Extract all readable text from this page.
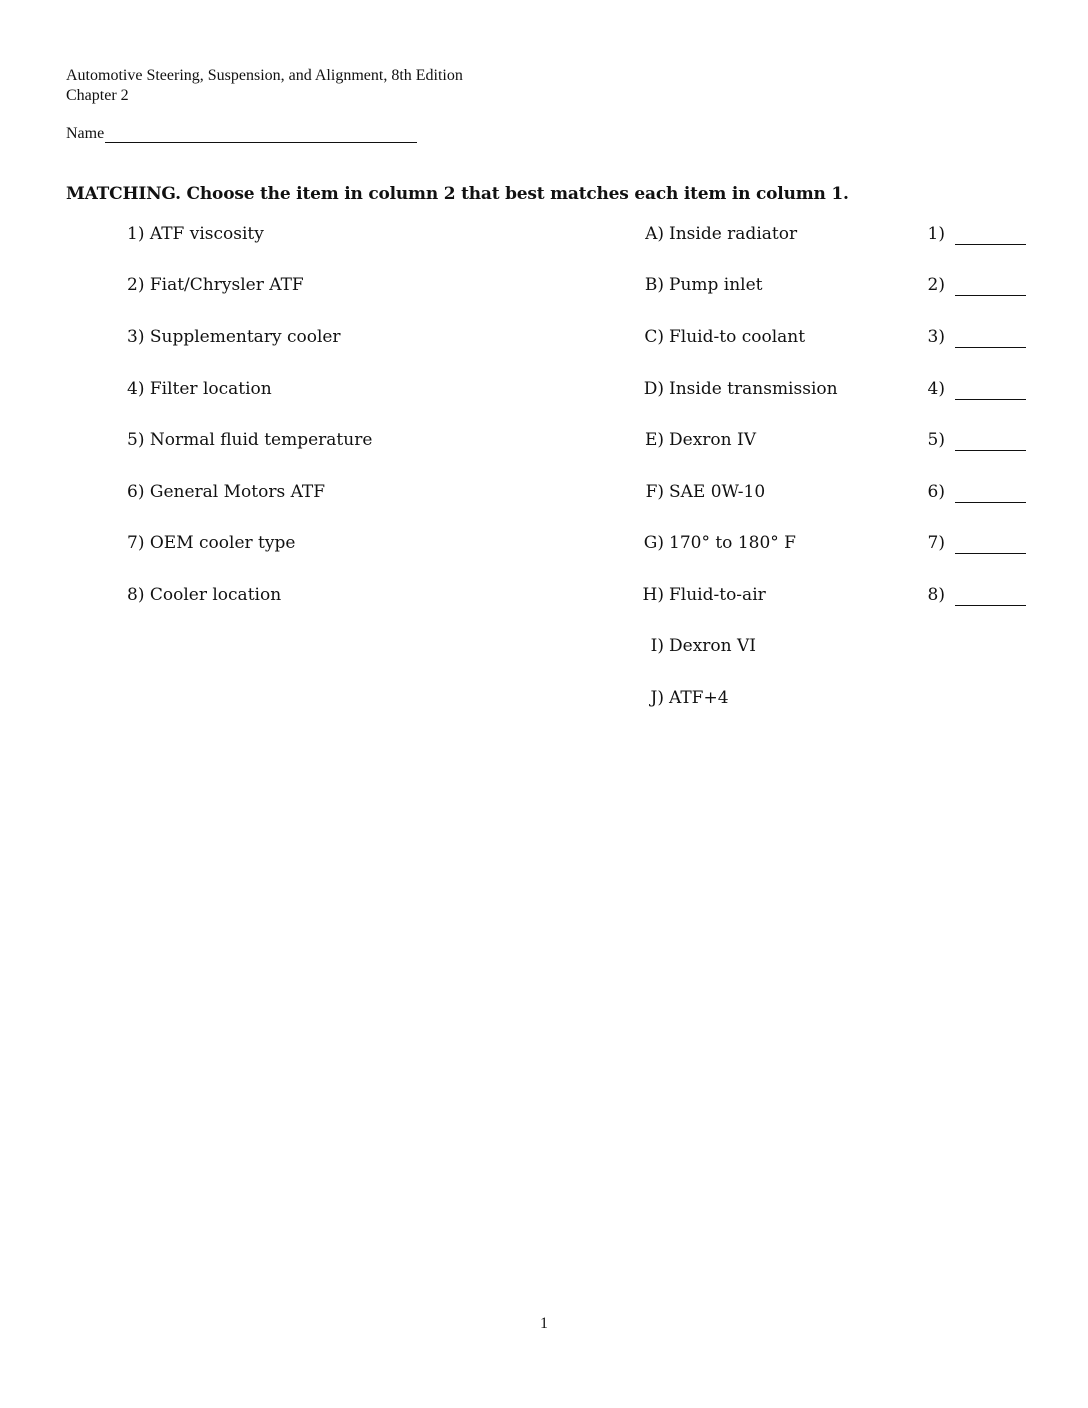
Automotive Steering, Suspension, and Alignment, 8th Edition
Chapter 2
Name
MATCHING. Choose the item in column 2 that best matches each item in column 1.
1) ATF viscosity	A) Inside radiator	1)
2) Fiat/Chrysler ATF	B) Pump inlet	2)
3) Supplementary cooler	C) Fluid-to coolant	3)
4) Filter location	D) Inside transmission	4)
5) Normal fluid temperature	E) Dexron IV	5)
6) General Motors ATF	F) SAE 0W-10	6)
7) OEM cooler type	G) 170° to 180° F	7)
8) Cooler location	H) Fluid-to-air	8)
I) Dexron VI
J) ATF+4
1
